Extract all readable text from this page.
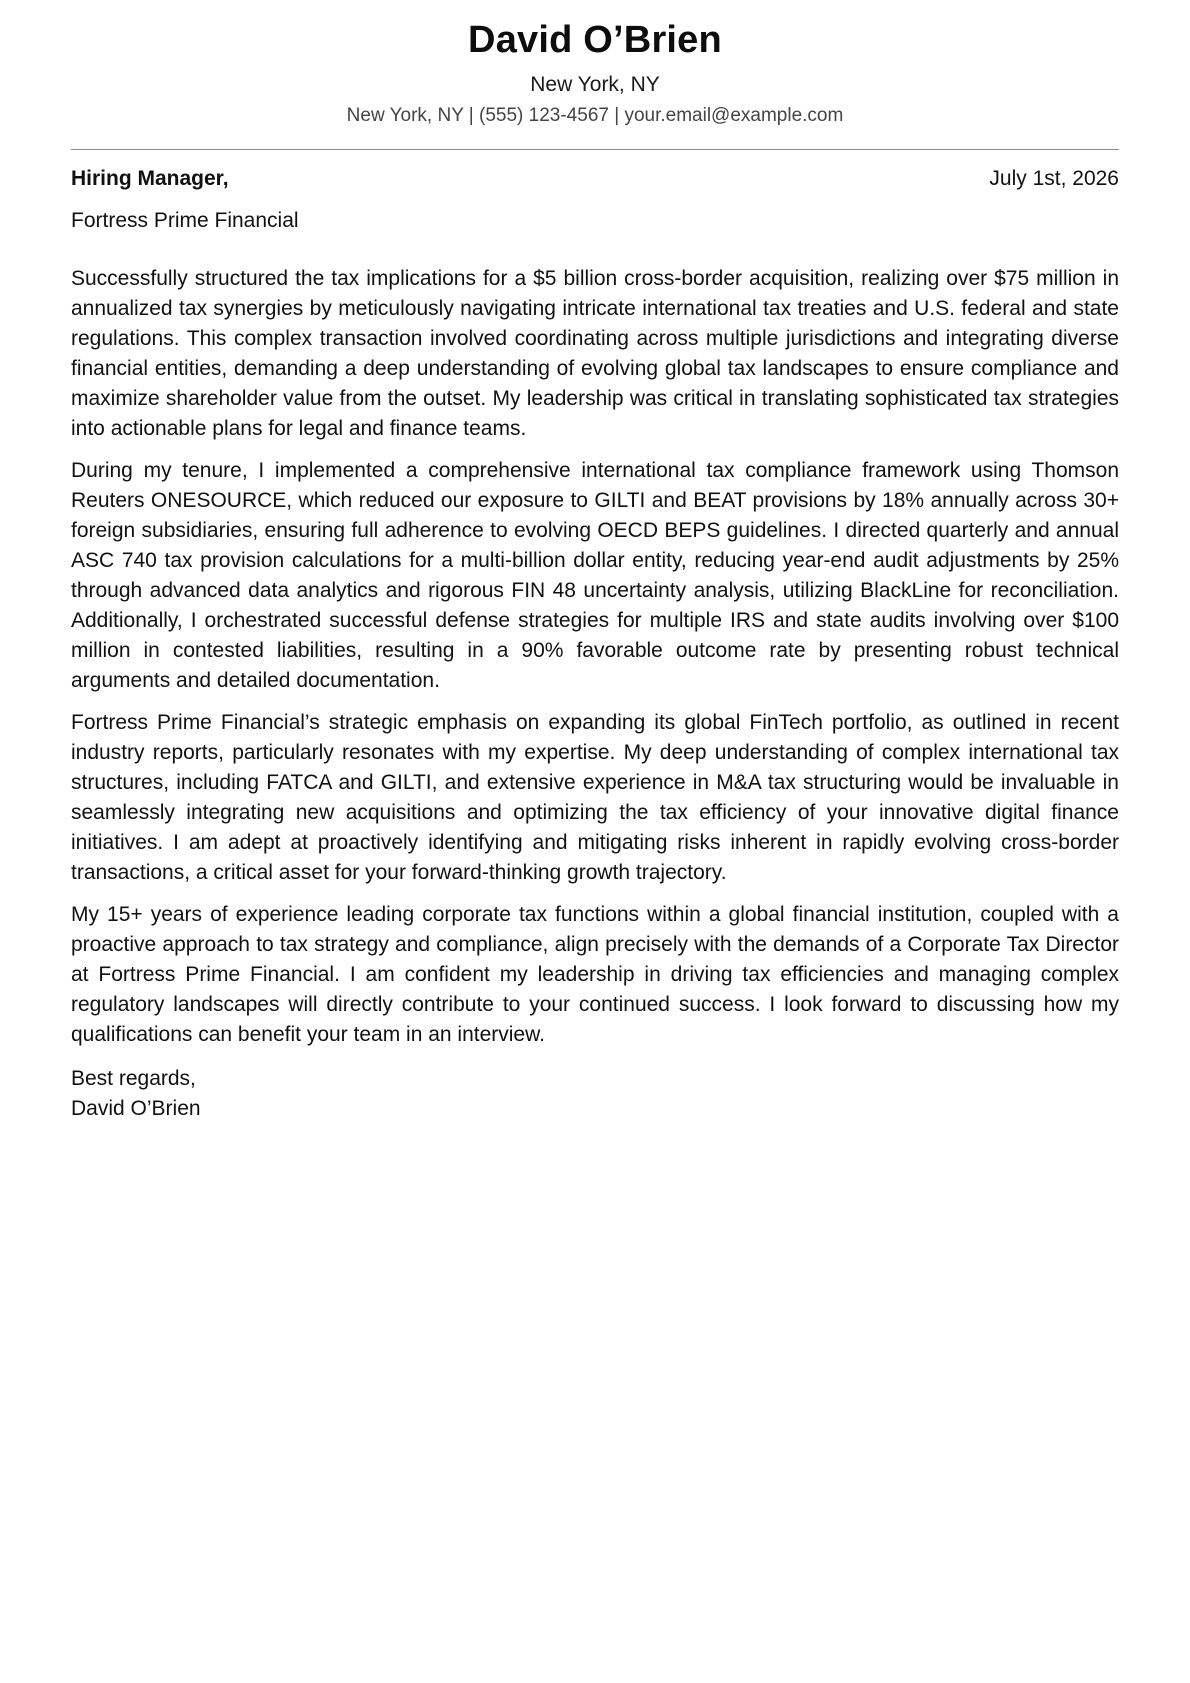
David O’Brien
New York, NY
New York, NY | (555) 123-4567 | your.email@example.com
Hiring Manager,	July 1st, 2026
Fortress Prime Financial

Successfully structured the tax implications for a $5 billion cross-border acquisition, realizing over $75 million in annualized tax synergies by meticulously navigating intricate international tax treaties and U.S. federal and state regulations. This complex transaction involved coordinating across multiple jurisdictions and integrating diverse financial entities, demanding a deep understanding of evolving global tax landscapes to ensure compliance and maximize shareholder value from the outset. My leadership was critical in translating sophisticated tax strategies into actionable plans for legal and finance teams.

During my tenure, I implemented a comprehensive international tax compliance framework using Thomson Reuters ONESOURCE, which reduced our exposure to GILTI and BEAT provisions by 18% annually across 30+ foreign subsidiaries, ensuring full adherence to evolving OECD BEPS guidelines. I directed quarterly and annual ASC 740 tax provision calculations for a multi-billion dollar entity, reducing year-end audit adjustments by 25% through advanced data analytics and rigorous FIN 48 uncertainty analysis, utilizing BlackLine for reconciliation. Additionally, I orchestrated successful defense strategies for multiple IRS and state audits involving over $100 million in contested liabilities, resulting in a 90% favorable outcome rate by presenting robust technical arguments and detailed documentation.

Fortress Prime Financial’s strategic emphasis on expanding its global FinTech portfolio, as outlined in recent industry reports, particularly resonates with my expertise. My deep understanding of complex international tax structures, including FATCA and GILTI, and extensive experience in M&A tax structuring would be invaluable in seamlessly integrating new acquisitions and optimizing the tax efficiency of your innovative digital finance initiatives. I am adept at proactively identifying and mitigating risks inherent in rapidly evolving cross-border transactions, a critical asset for your forward-thinking growth trajectory.

My 15+ years of experience leading corporate tax functions within a global financial institution, coupled with a proactive approach to tax strategy and compliance, align precisely with the demands of a Corporate Tax Director at Fortress Prime Financial. I am confident my leadership in driving tax efficiencies and managing complex regulatory landscapes will directly contribute to your continued success. I look forward to discussing how my qualifications can benefit your team in an interview.

Best regards,
David O’Brien
